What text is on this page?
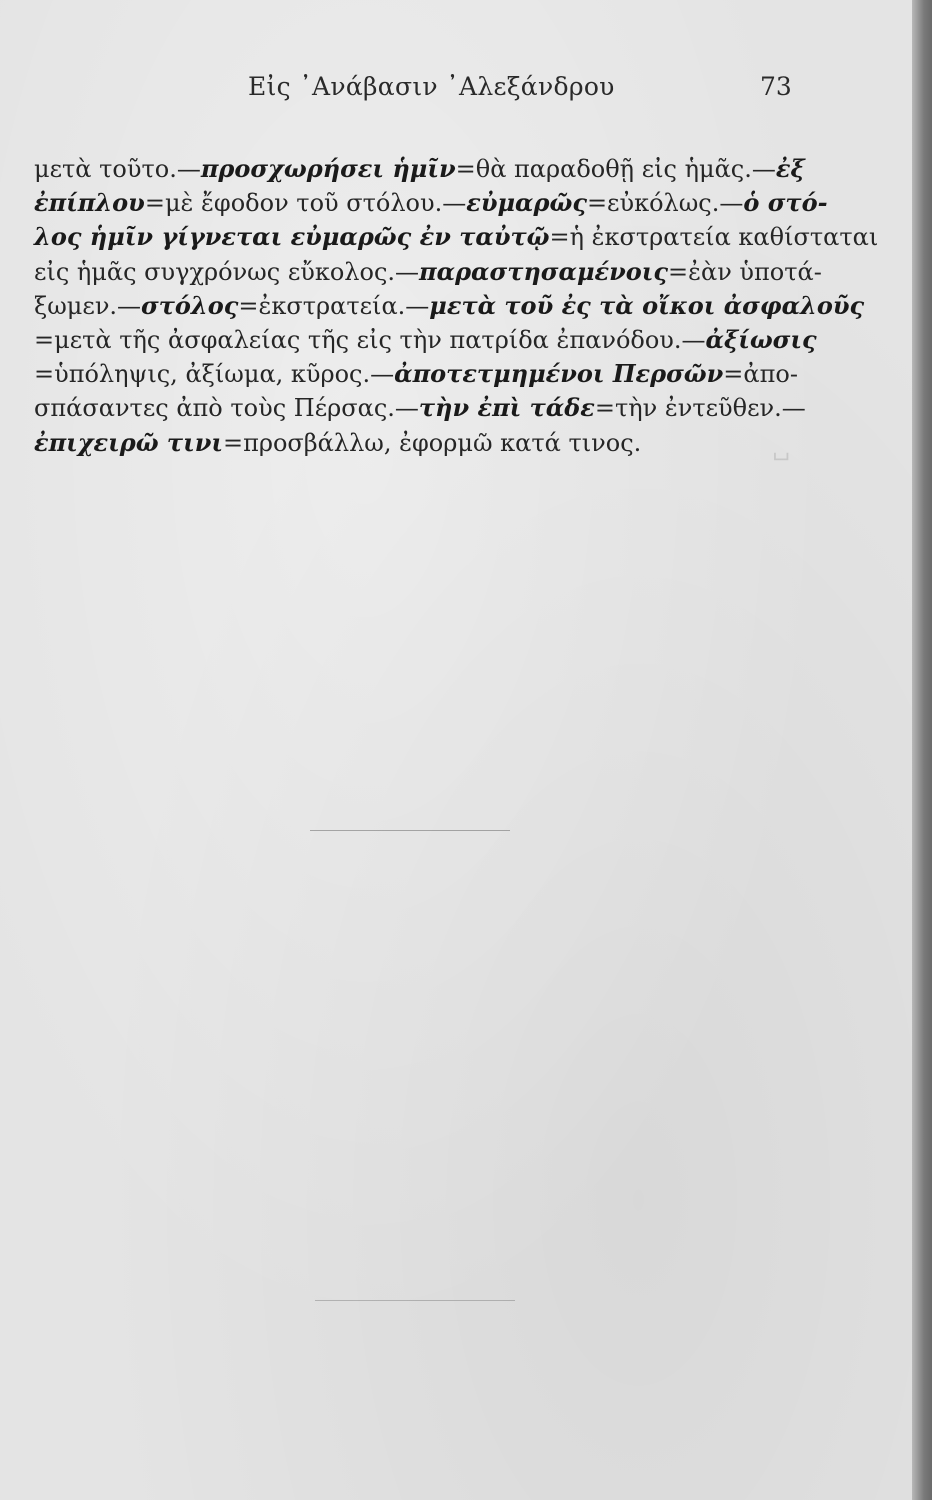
Εἰς ᾿Ανάβασιν ᾿Αλεξάνδρου	73
␣
μετὰ τοῦτο.—προσχωρήσει ἡμῖν=θὰ παραδοθῇ εἰς ἡμᾶς.—ἐξ
ἐπίπλου=μὲ ἔφοδον τοῦ στόλου.—εὐμαρῶς=εὐκόλως.—ὁ στό-
λος ἡμῖν γίγνεται εὐμαρῶς ἐν ταὐτῷ=ἡ ἐκστρατεία καθίσταται
εἰς ἡμᾶς συγχρόνως εὔκολος.—παραστησαμένοις=ἐὰν ὑποτά-
ξωμεν.—στόλος=ἐκστρατεία.—μετὰ τοῦ ἐς τὰ οἴκοι ἀσφαλοῦς
=μετὰ τῆς ἀσφαλείας τῆς εἰς τὴν πατρίδα ἐπανόδου.—ἀξίωσις
=ὑπόληψις, ἀξίωμα, κῦρος.—ἀποτετμημένοι Περσῶν=ἀπο-
σπάσαντες ἀπὸ τοὺς Πέρσας.—τὴν ἐπὶ τάδε=τὴν ἐντεῦθεν.—
ἐπιχειρῶ τινι=προσβάλλω, ἐφορμῶ κατά τινος.
